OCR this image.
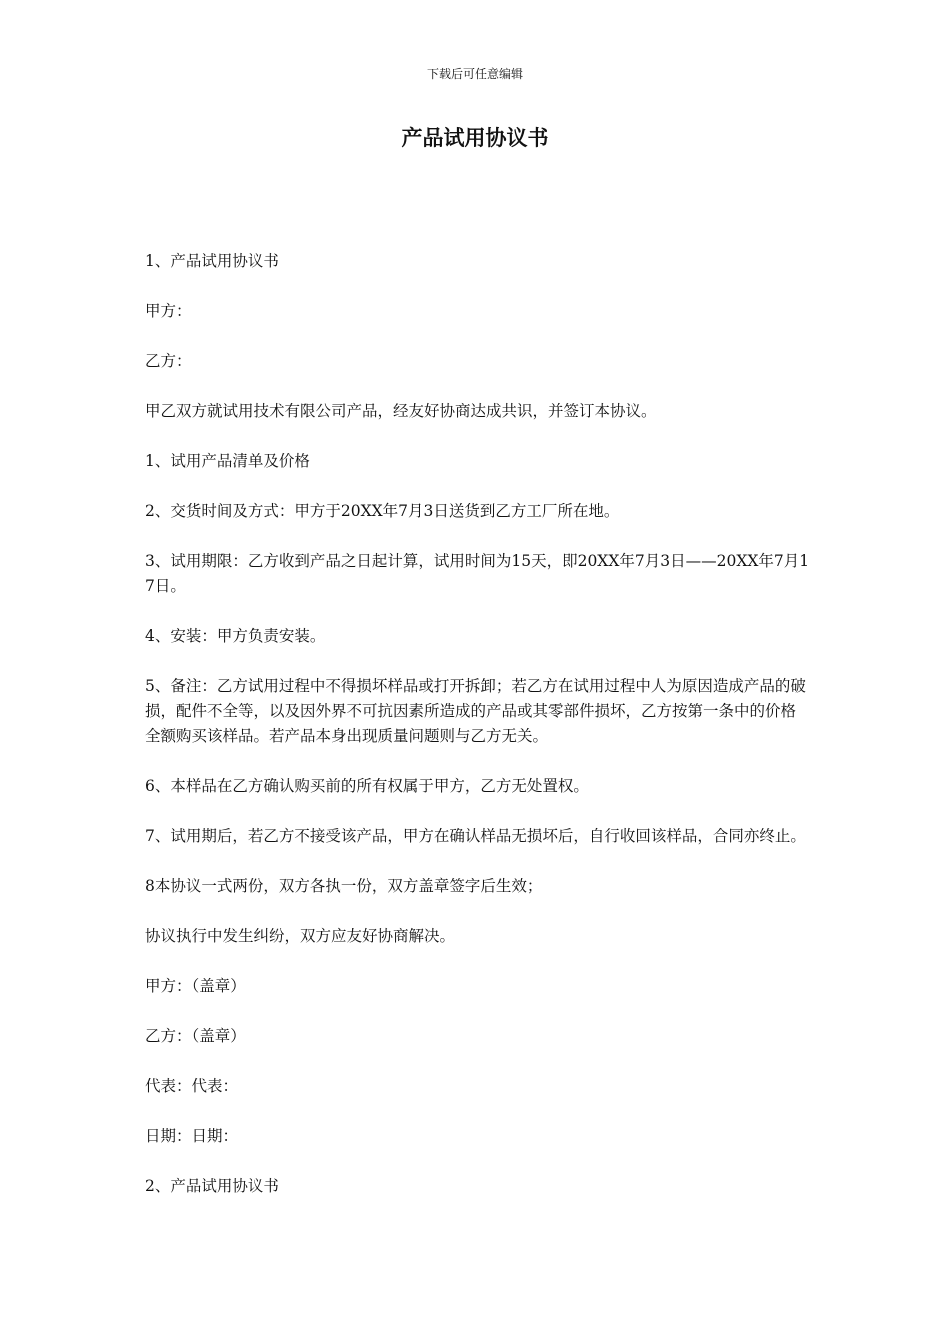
下载后可任意编辑
产品试用协议书

1、产品试用协议书

甲方：

乙方：

甲乙双方就试用技术有限公司产品，经友好协商达成共识，并签订本协议。

1、试用产品清单及价格

2、交货时间及方式：甲方于20XX年7月3日送货到乙方工厂所在地。

3、试用期限：乙方收到产品之日起计算，试用时间为15天，即20XX年7月3日——20XX年7月17日。

4、安装：甲方负责安装。

5、备注：乙方试用过程中不得损坏样品或打开拆卸；若乙方在试用过程中人为原因造成产品的破损，配件不全等，以及因外界不可抗因素所造成的产品或其零部件损坏，乙方按第一条中的价格全额购买该样品。若产品本身出现质量问题则与乙方无关。

6、本样品在乙方确认购买前的所有权属于甲方，乙方无处置权。

7、试用期后，若乙方不接受该产品，甲方在确认样品无损坏后，自行收回该样品，合同亦终止。

8本协议一式两份，双方各执一份，双方盖章签字后生效；

协议执行中发生纠纷，双方应友好协商解决。

甲方：（盖章）

乙方：（盖章）

代表：代表：

日期：日期：

2、产品试用协议书
